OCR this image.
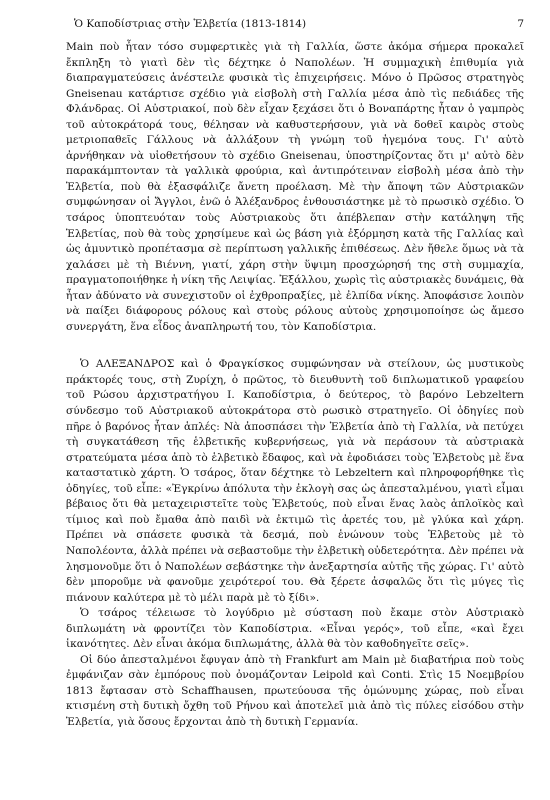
Ὁ Καποδίστριας στὴν Ἑλβετία (1813-1814)	7

Main ποὺ ἦταν τόσο συμφερτικὲς γιὰ τὴ Γαλλία, ὥστε ἀκόμα σήμερα προκαλεῖ ἔκπληξη τὸ γιατὶ δὲν τὶς δέχτηκε ὁ Ναπολέων. Ἡ συμμαχικὴ ἐπιθυμία γιὰ διαπραγματεύσεις ἀνέστειλε φυσικὰ τὶς ἐπιχειρήσεις. Μόνο ὁ Πρῶσος στρατηγὸς Gneisenau κατάρτισε σχέδιο γιὰ εἰσβολὴ στὴ Γαλλία μέσα ἀπὸ τὶς πεδιάδες τῆς Φλάνδρας. Οἱ Αὐστριακοί, ποὺ δὲν εἶχαν ξεχάσει ὅτι ὁ Βοναπάρτης ἦταν ὁ γαμπρὸς τοῦ αὐτοκράτορά τους, θέλησαν νὰ καθυστερήσουν, γιὰ νὰ δοθεῖ καιρὸς στοὺς μετριοπαθεῖς Γάλλους νὰ ἀλλάξουν τὴ γνώμη τοῦ ἡγεμόνα τους. Γι' αὐτὸ ἀρνήθηκαν νὰ υἱοθετήσουν τὸ σχέδιο Gneisenau, ὑποστηρίζοντας ὅτι μ' αὐτὸ δὲν παρακάμπτονταν τὰ γαλλικὰ φρούρια, καὶ ἀντιπρότειναν εἰσβολὴ μέσα ἀπὸ τὴν Ἑλβετία, ποὺ θὰ ἐξασφάλιζε ἄνετη προέλαση. Μὲ τὴν ἄποψη τῶν Αὐστριακῶν συμφώνησαν οἱ Ἄγγλοι, ἐνῶ ὁ Ἀλέξανδρος ἐνθουσιάστηκε μὲ τὸ πρωσικὸ σχέδιο. Ὁ τσάρος ὑποπτευόταν τοὺς Αὐστριακοὺς ὅτι ἀπέβλεπαν στὴν κατάληψη τῆς Ἑλβετίας, ποὺ θὰ τοὺς χρησίμευε καὶ ὡς βάση γιὰ ἐξόρμηση κατὰ τῆς Γαλλίας καὶ ὡς ἀμυντικὸ προπέτασμα σὲ περίπτωση γαλλικῆς ἐπιθέσεως. Δὲν ἤθελε ὅμως νὰ τὰ χαλάσει μὲ τὴ Βιέννη, γιατί, χάρη στὴν ὕψιμη προσχώρησή της στὴ συμμαχία, πραγματοποιήθηκε ἡ νίκη τῆς Λειψίας. Ἐξάλλου, χωρὶς τὶς αὐστριακὲς δυνάμεις, θὰ ἦταν ἀδύνατο νὰ συνεχιστοῦν οἱ ἐχθροπραξίες, μὲ ἐλπίδα νίκης. Ἀποφάσισε λοιπὸν νὰ παίξει διάφορους ρόλους καὶ στοὺς ρόλους αὐτοὺς χρησιμοποίησε ὡς ἄμεσο συνεργάτη, ἕνα εἶδος ἀναπληρωτή του, τὸν Καποδίστρια.

Ὁ ΑΛΕΞΑΝΔΡΟΣ καὶ ὁ Φραγκίσκος συμφώνησαν νὰ στείλουν, ὡς μυστικοὺς πράκτορές τους, στὴ Ζυρίχη, ὁ πρῶτος, τὸ διευθυντὴ τοῦ διπλωματικοῦ γραφείου τοῦ Ρώσου ἀρχιστρατήγου Ι. Καποδίστρια, ὁ δεύτερος, τὸ βαρόνο Lebzeltern σύνδεσμο τοῦ Αὐστριακοῦ αὐτοκράτορα στὸ ρωσικὸ στρατηγεῖο. Οἱ ὁδηγίες ποὺ πῆρε ὁ βαρόνος ἦταν ἁπλές: Νὰ ἀποσπάσει τὴν Ἑλβετία ἀπὸ τὴ Γαλλία, νὰ πετύχει τὴ συγκατάθεση τῆς ἑλβετικῆς κυβερνήσεως, γιὰ νὰ περάσουν τὰ αὐστριακὰ στρατεύματα μέσα ἀπὸ τὸ ἑλβετικὸ ἔδαφος, καὶ νὰ ἐφοδιάσει τοὺς Ἑλβετοὺς μὲ ἕνα καταστατικὸ χάρτη. Ὁ τσάρος, ὅταν δέχτηκε τὸ Lebzeltern καὶ πληροφορήθηκε τὶς ὁδηγίες, τοῦ εἶπε: «Ἐγκρίνω ἀπόλυτα τὴν ἐκλογὴ σας ὡς ἀπεσταλμένου, γιατὶ εἶμαι βέβαιος ὅτι θὰ μεταχειριστεῖτε τοὺς Ἑλβετούς, ποὺ εἶναι ἕνας λαὸς ἁπλοϊκὸς καὶ τίμιος καὶ ποὺ ἔμαθα ἀπὸ παιδὶ νὰ ἐκτιμῶ τὶς ἀρετές του, μὲ γλύκα καὶ χάρη. Πρέπει νὰ σπάσετε φυσικὰ τὰ δεσμά, ποὺ ἑνώνουν τοὺς Ἑλβετοὺς μὲ τὸ Ναπολέοντα, ἀλλὰ πρέπει νὰ σεβαστοῦμε τὴν ἑλβετικὴ οὐδετερότητα. Δὲν πρέπει νὰ λησμονοῦμε ὅτι ὁ Ναπολέων σεβάστηκε τὴν ἀνεξαρτησία αὐτῆς τῆς χώρας. Γι' αὐτὸ δὲν μποροῦμε νὰ φανοῦμε χειρότεροί του. Θὰ ξέρετε ἀσφαλῶς ὅτι τὶς μύγες τὶς πιάνουν καλύτερα μὲ τὸ μέλι παρὰ μὲ τὸ ξίδι».

Ὁ τσάρος τέλειωσε τὸ λογύδριο μὲ σύσταση ποὺ ἔκαμε στὸν Αὐστριακὸ διπλωμάτη νὰ φροντίζει τὸν Καποδίστρια. «Εἶναι γερός», τοῦ εἶπε, «καὶ ἔχει ἱκανότητες. Δὲν εἶναι ἀκόμα διπλωμάτης, ἀλλὰ θὰ τὸν καθοδηγεῖτε σεῖς».

Οἱ δύο ἀπεσταλμένοι ἔφυγαν ἀπὸ τὴ Frankfurt am Main μὲ διαβατήρια ποὺ τοὺς ἐμφάνιζαν σὰν ἐμπόρους ποὺ ὀνομάζονταν Leipold καὶ Conti. Στὶς 15 Νοεμβρίου 1813 ἔφτασαν στὸ Schaffhausen, πρωτεύουσα τῆς ὁμώνυμης χώρας, ποὺ εἶναι κτισμένη στὴ δυτικὴ ὄχθη τοῦ Ρήνου καὶ ἀποτελεῖ μιὰ ἀπὸ τὶς πύλες εἰσόδου στὴν Ἑλβετία, γιὰ ὅσους ἔρχονται ἀπὸ τὴ δυτικὴ Γερμανία.
